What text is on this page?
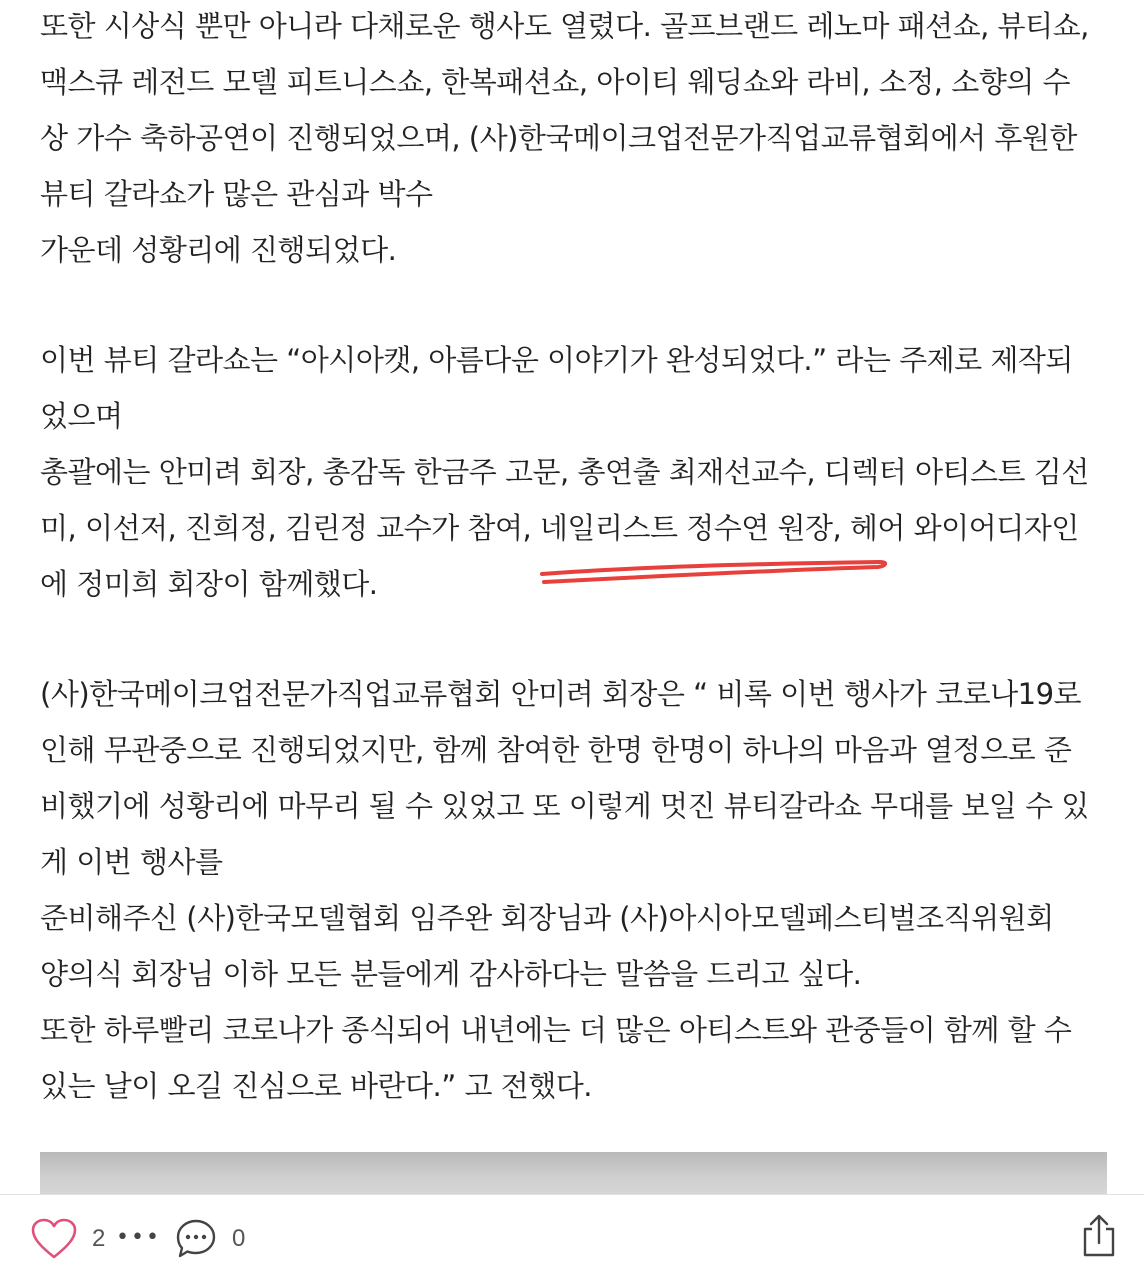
또한 시상식 뿐만 아니라 다채로운 행사도 열렸다. 골프브랜드 레노마 패션쇼, 뷰티쇼,
맥스큐 레전드 모델 피트니스쇼, 한복패션쇼, 아이티 웨딩쇼와 라비, 소정, 소향의 수
상 가수 축하공연이 진행되었으며, (사)한국메이크업전문가직업교류협회에서 후원한
뷰티 갈라쇼가 많은 관심과 박수
가운데 성황리에 진행되었다.
이번 뷰티 갈라쇼는 “아시아캣, 아름다운 이야기가 완성되었다.” 라는 주제로 제작되
었으며
총괄에는 안미려 회장, 총감독 한금주 고문, 총연출 최재선교수, 디렉터 아티스트 김선
미, 이선저, 진희정, 김린정 교수가 참여, 네일리스트 정수연 원장, 헤어 와이어디자인
에 정미희 회장이 함께했다.
(사)한국메이크업전문가직업교류협회 안미려 회장은 “ 비록 이번 행사가 코로나19로
인해 무관중으로 진행되었지만, 함께 참여한 한명 한명이 하나의 마음과 열정으로 준
비했기에 성황리에 마무리 될 수 있었고 또 이렇게 멋진 뷰티갈라쇼 무대를 보일 수 있
게 이번 행사를
준비해주신 (사)한국모델협회 임주완 회장님과 (사)아시아모델페스티벌조직위원회
양의식 회장님 이하 모든 분들에게 감사하다는 말씀을 드리고 싶다.
또한 하루빨리 코로나가 종식되어 내년에는 더 많은 아티스트와 관중들이 함께 할 수
있는 날이 오길 진심으로 바란다.” 고 전했다.
2 •••	0
